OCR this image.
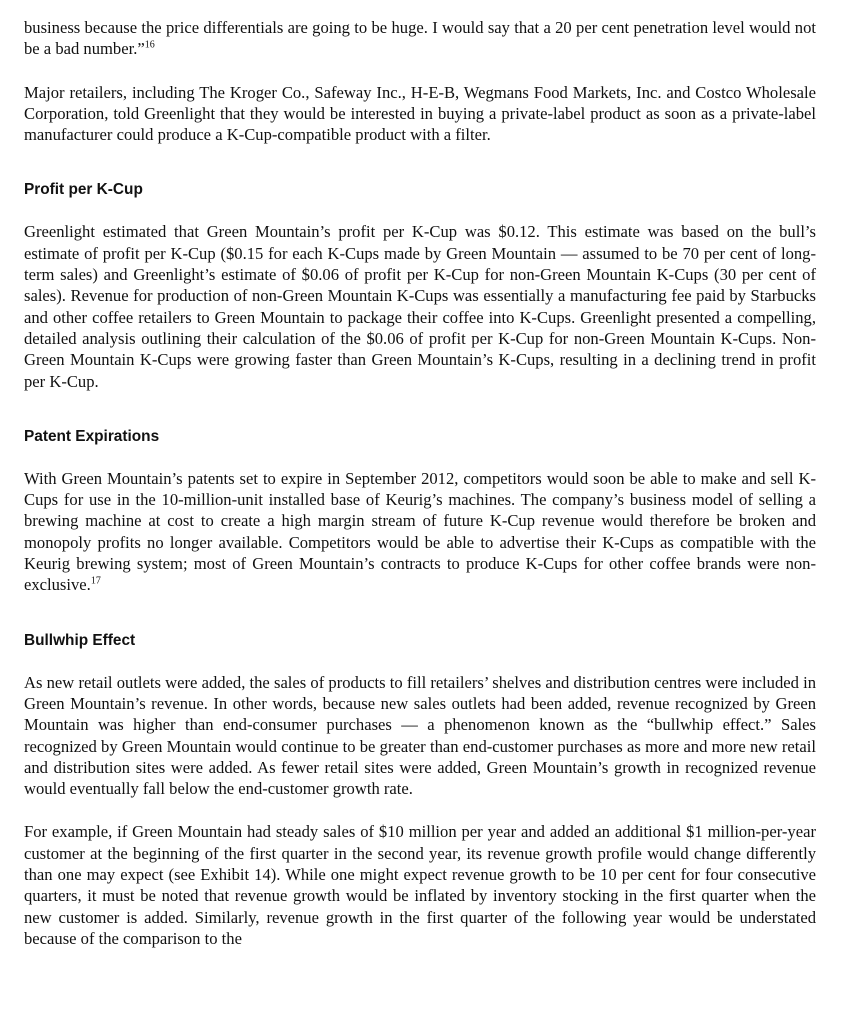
business because the price differentials are going to be huge. I would say that a 20 per cent penetration level would not be a bad number.”$^{16}$

Major retailers, including The Kroger Co., Safeway Inc., H-E-B, Wegmans Food Markets, Inc. and Costco Wholesale Corporation, told Greenlight that they would be interested in buying a private-label product as soon as a private-label manufacturer could produce a K-Cup-compatible product with a filter.

Profit per K-Cup

Greenlight estimated that Green Mountain’s profit per K-Cup was $0.12. This estimate was based on the bull’s estimate of profit per K-Cup ($0.15 for each K-Cups made by Green Mountain — assumed to be 70 per cent of long-term sales) and Greenlight’s estimate of $0.06 of profit per K-Cup for non-Green Mountain K-Cups (30 per cent of sales). Revenue for production of non-Green Mountain K-Cups was essentially a manufacturing fee paid by Starbucks and other coffee retailers to Green Mountain to package their coffee into K-Cups. Greenlight presented a compelling, detailed analysis outlining their calculation of the $0.06 of profit per K-Cup for non-Green Mountain K-Cups. Non-Green Mountain K-Cups were growing faster than Green Mountain’s K-Cups, resulting in a declining trend in profit per K-Cup.

Patent Expirations

With Green Mountain’s patents set to expire in September 2012, competitors would soon be able to make and sell K-Cups for use in the 10-million-unit installed base of Keurig’s machines. The company’s business model of selling a brewing machine at cost to create a high margin stream of future K-Cup revenue would therefore be broken and monopoly profits no longer available. Competitors would be able to advertise their K-Cups as compatible with the Keurig brewing system; most of Green Mountain’s contracts to produce K-Cups for other coffee brands were non-exclusive.$^{17}$

Bullwhip Effect

As new retail outlets were added, the sales of products to fill retailers’ shelves and distribution centres were included in Green Mountain’s revenue. In other words, because new sales outlets had been added, revenue recognized by Green Mountain was higher than end-consumer purchases — a phenomenon known as the “bullwhip effect.” Sales recognized by Green Mountain would continue to be greater than end-customer purchases as more and more new retail and distribution sites were added. As fewer retail sites were added, Green Mountain’s growth in recognized revenue would eventually fall below the end-customer growth rate.

For example, if Green Mountain had steady sales of $10 million per year and added an additional $1 million-per-year customer at the beginning of the first quarter in the second year, its revenue growth profile would change differently than one may expect (see Exhibit 14). While one might expect revenue growth to be 10 per cent for four consecutive quarters, it must be noted that revenue growth would be inflated by inventory stocking in the first quarter when the new customer is added. Similarly, revenue growth in the first quarter of the following year would be understated because of the comparison to the
